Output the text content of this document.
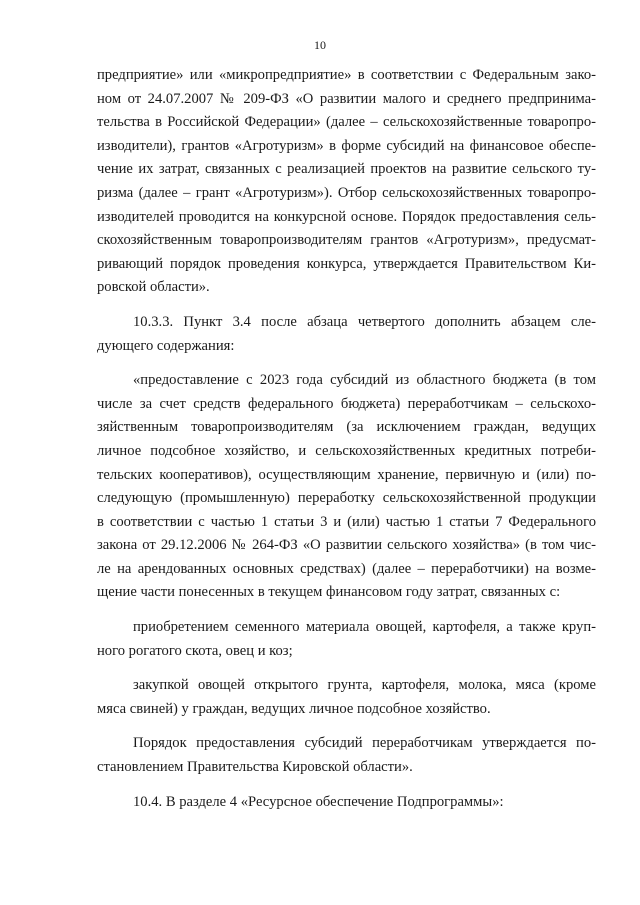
10
предприятие» или «микропредприятие» в соответствии с Федеральным зако-
ном от 24.07.2007 № 209-ФЗ «О развитии малого и среднего предпринима-
тельства в Российской Федерации» (далее – сельскохозяйственные товаропро-
изводители), грантов «Агротуризм» в форме субсидий на финансовое обеспе-
чение их затрат, связанных с реализацией проектов на развитие сельского ту-
ризма (далее – грант «Агротуризм»). Отбор сельскохозяйственных товаропро-
изводителей проводится на конкурсной основе. Порядок предоставления сель-
скохозяйственным товаропроизводителям грантов «Агротуризм», предусмат-
ривающий порядок проведения конкурса, утверждается Правительством Ки-
ровской области».
10.3.3. Пункт 3.4 после абзаца четвертого дополнить абзацем сле-
дующего содержания:
«предоставление с 2023 года субсидий из областного бюджета (в том
числе за счет средств федерального бюджета) переработчикам – сельскохо-
зяйственным товаропроизводителям (за исключением граждан, ведущих
личное подсобное хозяйство, и сельскохозяйственных кредитных потреби-
тельских кооперативов), осуществляющим хранение, первичную и (или) по-
следующую (промышленную) переработку сельскохозяйственной продукции
в соответствии с частью 1 статьи 3 и (или) частью 1 статьи 7 Федерального
закона от 29.12.2006 № 264-ФЗ «О развитии сельского хозяйства» (в том чис-
ле на арендованных основных средствах) (далее – переработчики) на возме-
щение части понесенных в текущем финансовом году затрат, связанных с:
приобретением семенного материала овощей, картофеля, а также круп-
ного рогатого скота, овец и коз;
закупкой овощей открытого грунта, картофеля, молока, мяса (кроме
мяса свиней) у граждан, ведущих личное подсобное хозяйство.
Порядок предоставления субсидий переработчикам утверждается по-
становлением Правительства Кировской области».
10.4. В разделе 4 «Ресурсное обеспечение Подпрограммы»:
